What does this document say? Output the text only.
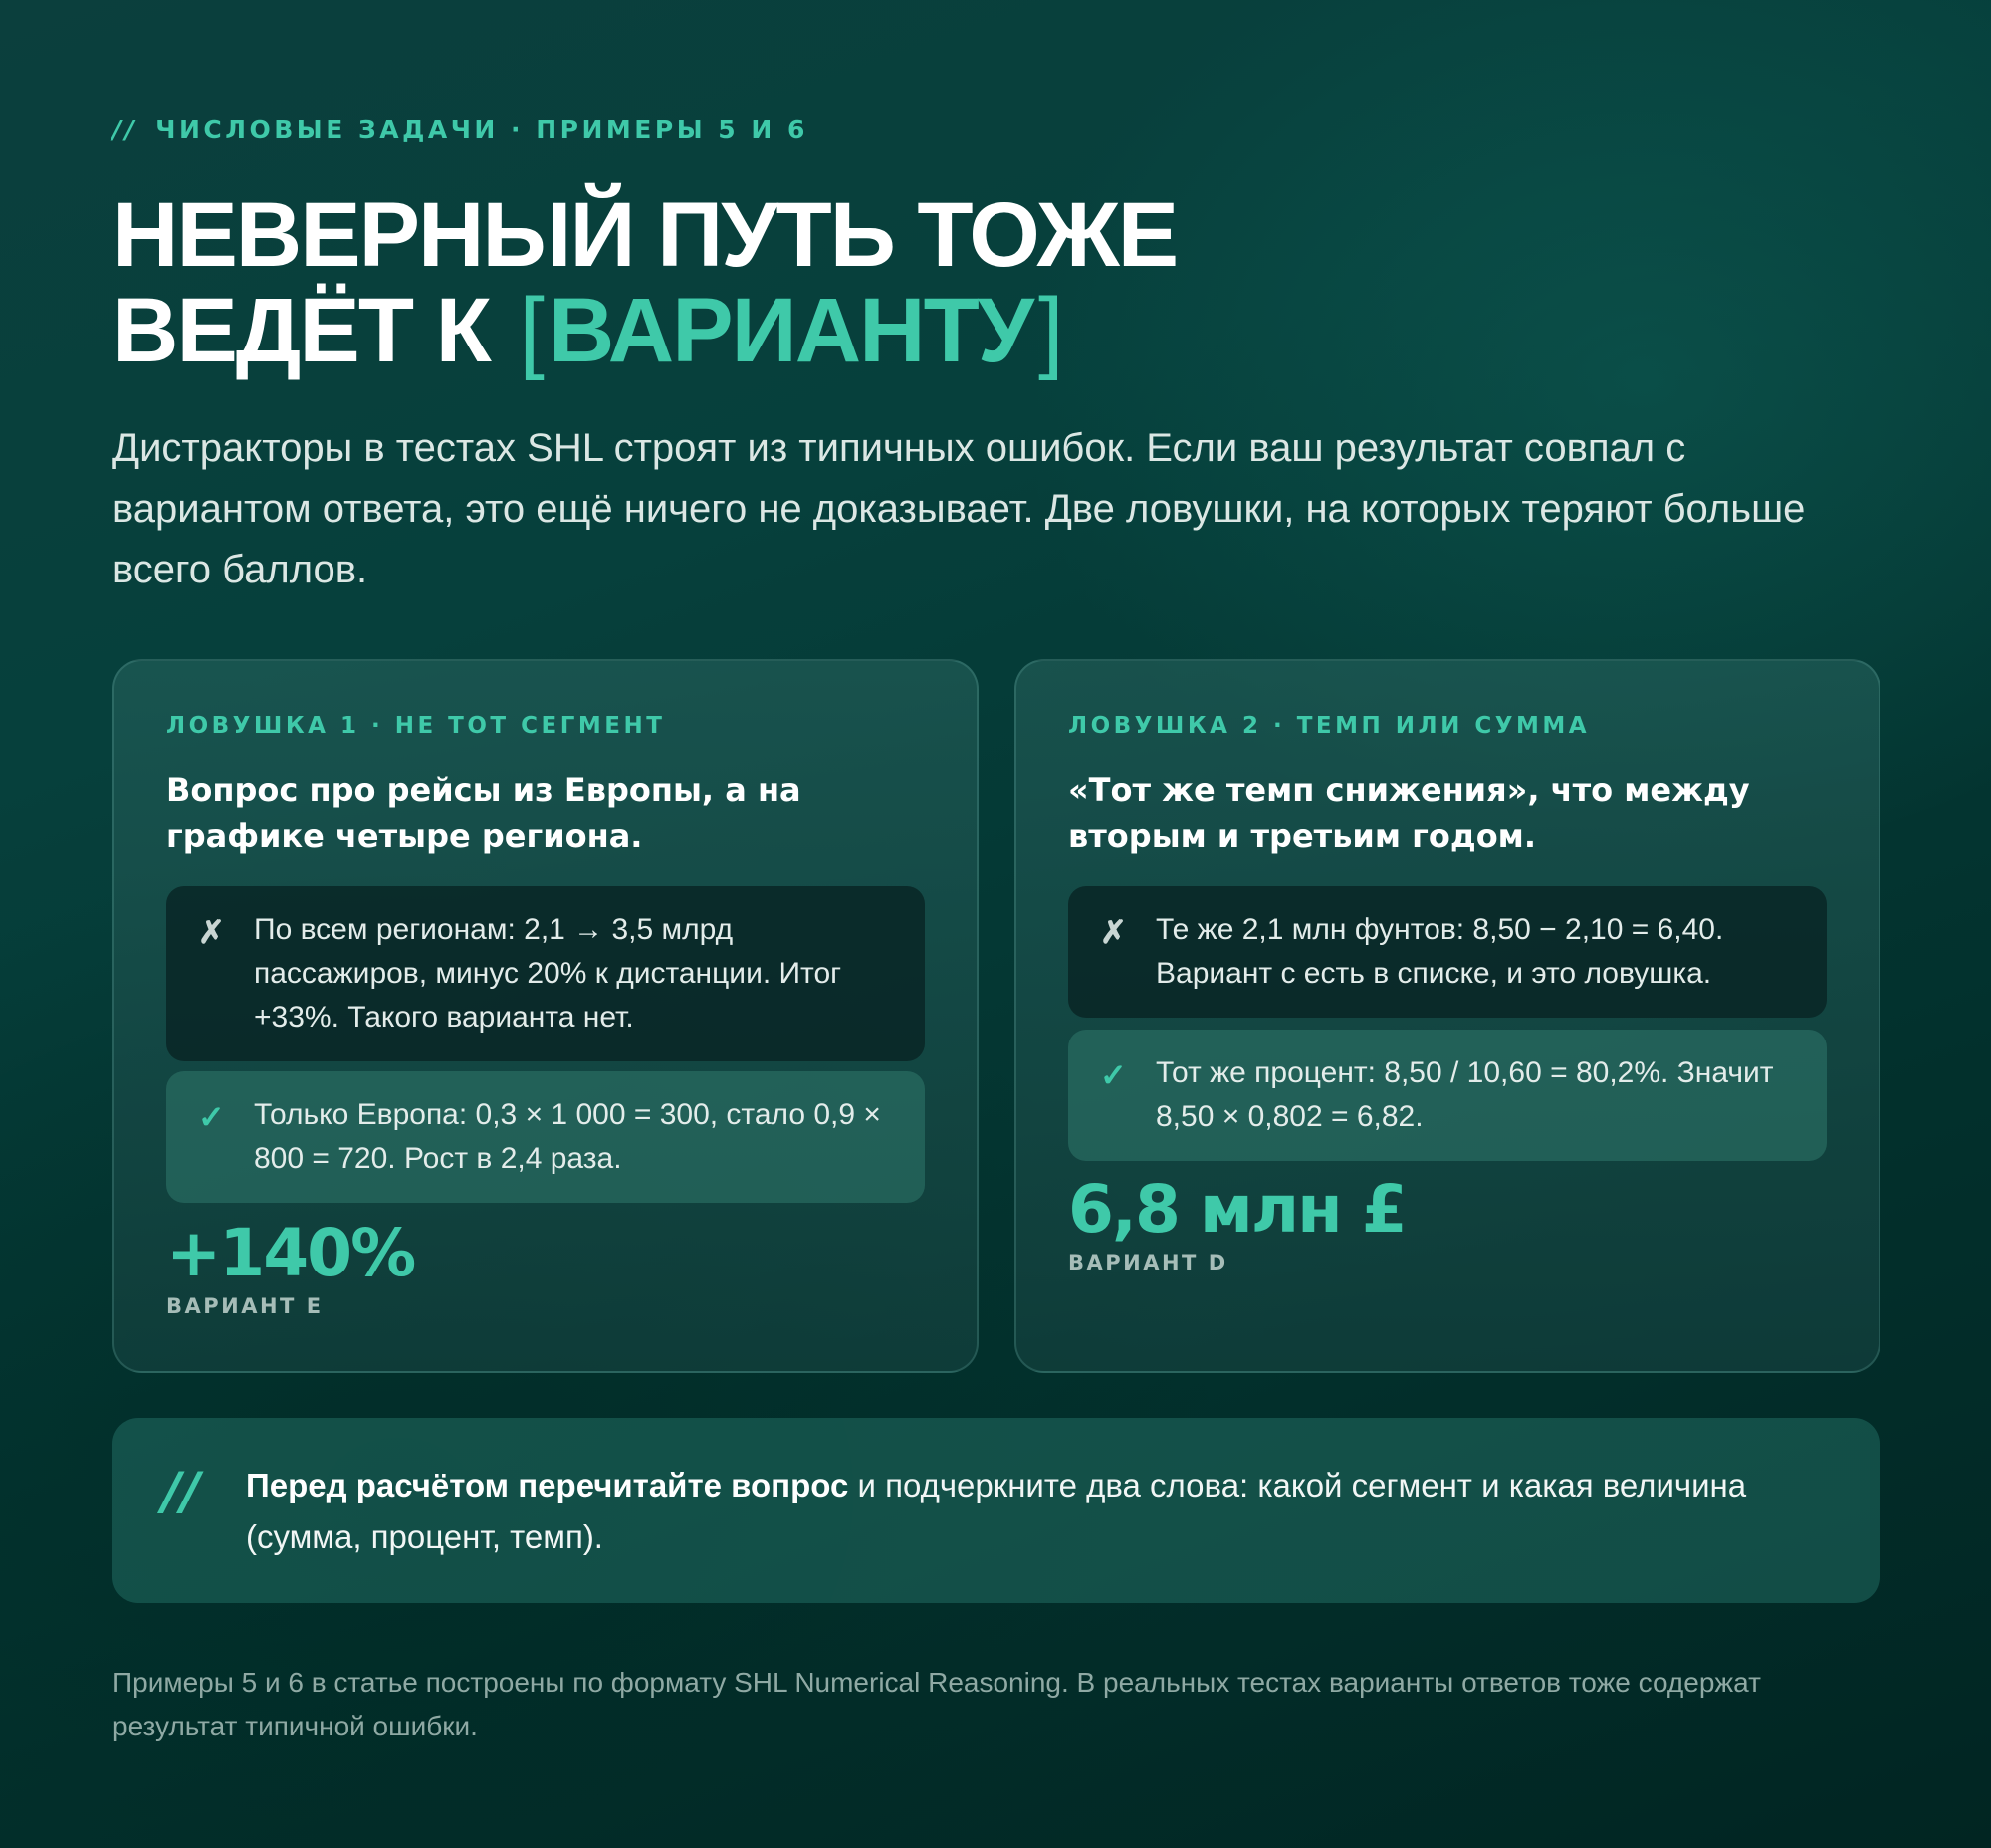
// ЧИСЛОВЫЕ ЗАДАЧИ · ПРИМЕРЫ 5 И 6
НЕВЕРНЫЙ ПУТЬ ТОЖЕ
ВЕДЁТ К [ВАРИАНТУ]

Дистракторы в тестах SHL строят из типичных ошибок. Если ваш результат совпал с вариантом ответа, это ещё ничего не доказывает. Две ловушки, на которых теряют больше всего баллов.

ЛОВУШКА 1 · НЕ ТОТ СЕГМЕНТ
Вопрос про рейсы из Европы, а на графике четыре региона.
✗ По всем регионам: 2,1 → 3,5 млрд пассажиров, минус 20% к дистанции. Итог +33%. Такого варианта нет.
✓ Только Европа: 0,3 × 1 000 = 300, стало 0,9 × 800 = 720. Рост в 2,4 раза.
+140%
ВАРИАНТ E
ЛОВУШКА 2 · ТЕМП ИЛИ СУММА
«Тот же темп снижения», что между вторым и третьим годом.
✗ Те же 2,1 млн фунтов: 8,50 − 2,10 = 6,40. Вариант c есть в списке, и это ловушка.
✓ Тот же процент: 8,50 / 10,60 = 80,2%. Значит 8,50 × 0,802 = 6,82.
6,8 млн £
ВАРИАНТ D
// Перед расчётом перечитайте вопрос и подчеркните два слова: какой сегмент и какая величина (сумма, процент, темп).

Примеры 5 и 6 в статье построены по формату SHL Numerical Reasoning. В реальных тестах варианты ответов тоже содержат результат типичной ошибки.
